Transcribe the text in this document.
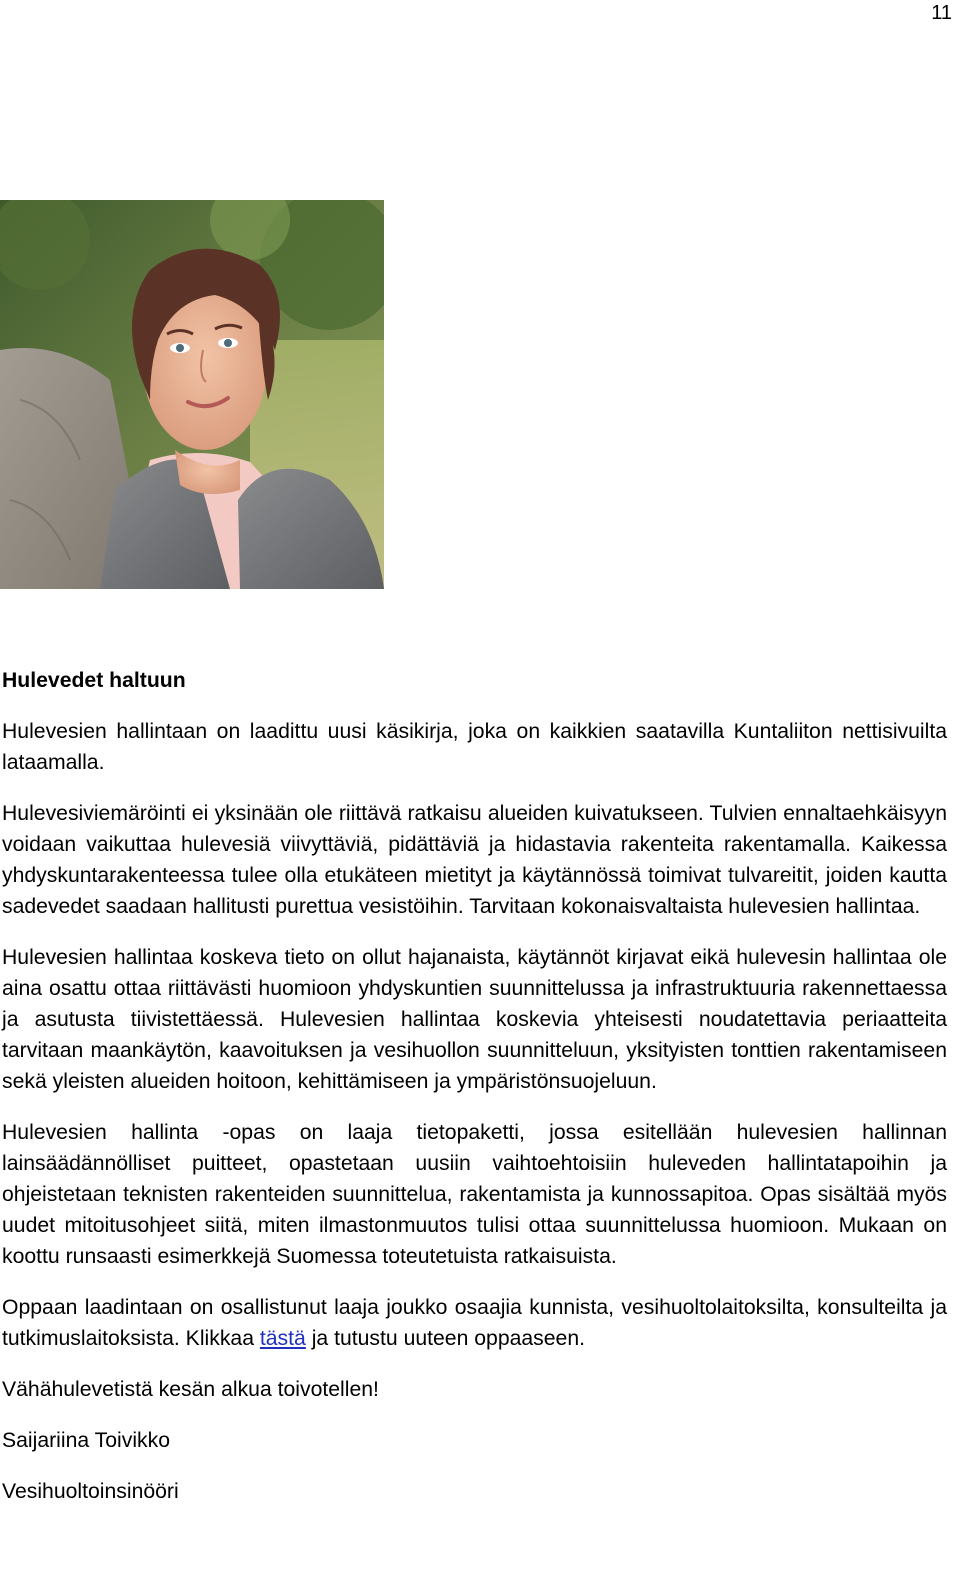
11
Hulevedet haltuun

Hulevesien hallintaan on laadittu uusi käsikirja, joka on kaikkien saatavilla Kuntaliiton nettisivuilta lataamalla.

Hulevesiviemäröinti ei yksinään ole riittävä ratkaisu alueiden kuivatukseen. Tulvien ennaltaehkäisyyn voidaan vaikuttaa hulevesiä viivyttäviä, pidättäviä ja hidastavia rakenteita rakentamalla. Kaikessa yhdyskuntarakenteessa tulee olla etukäteen mietityt ja käytännössä toimivat tulvareitit, joiden kautta sadevedet saadaan hallitusti purettua vesistöihin. Tarvitaan kokonaisvaltaista hulevesien hallintaa.

Hulevesien hallintaa koskeva tieto on ollut hajanaista, käytännöt kirjavat eikä hulevesin hallintaa ole aina osattu ottaa riittävästi huomioon yhdyskuntien suunnittelussa ja infrastruktuuria rakennettaessa ja asutusta tiivistettäessä. Hulevesien hallintaa koskevia yhteisesti noudatettavia periaatteita tarvitaan maankäytön, kaavoituksen ja vesihuollon suunnitteluun, yksityisten tonttien rakentamiseen sekä yleisten alueiden hoitoon, kehittämiseen ja ympäristönsuojeluun.

Hulevesien hallinta -opas on laaja tietopaketti, jossa esitellään hulevesien hallinnan lainsäädännölliset puitteet, opastetaan uusiin vaihtoehtoisiin huleveden hallintatapoihin ja ohjeistetaan teknisten rakenteiden suunnittelua, rakentamista ja kunnossapitoa. Opas sisältää myös uudet mitoitusohjeet siitä, miten ilmastonmuutos tulisi ottaa suunnittelussa huomioon. Mukaan on koottu runsaasti esimerkkejä Suomessa toteutetuista ratkaisuista.

Oppaan laadintaan on osallistunut laaja joukko osaajia kunnista, vesihuoltolaitoksilta, konsulteilta ja tutkimuslaitoksista. Klikkaa tästä ja tutustu uuteen oppaaseen.

Vähähulevetistä kesän alkua toivotellen!

Saijariina Toivikko

Vesihuoltoinsinööri
